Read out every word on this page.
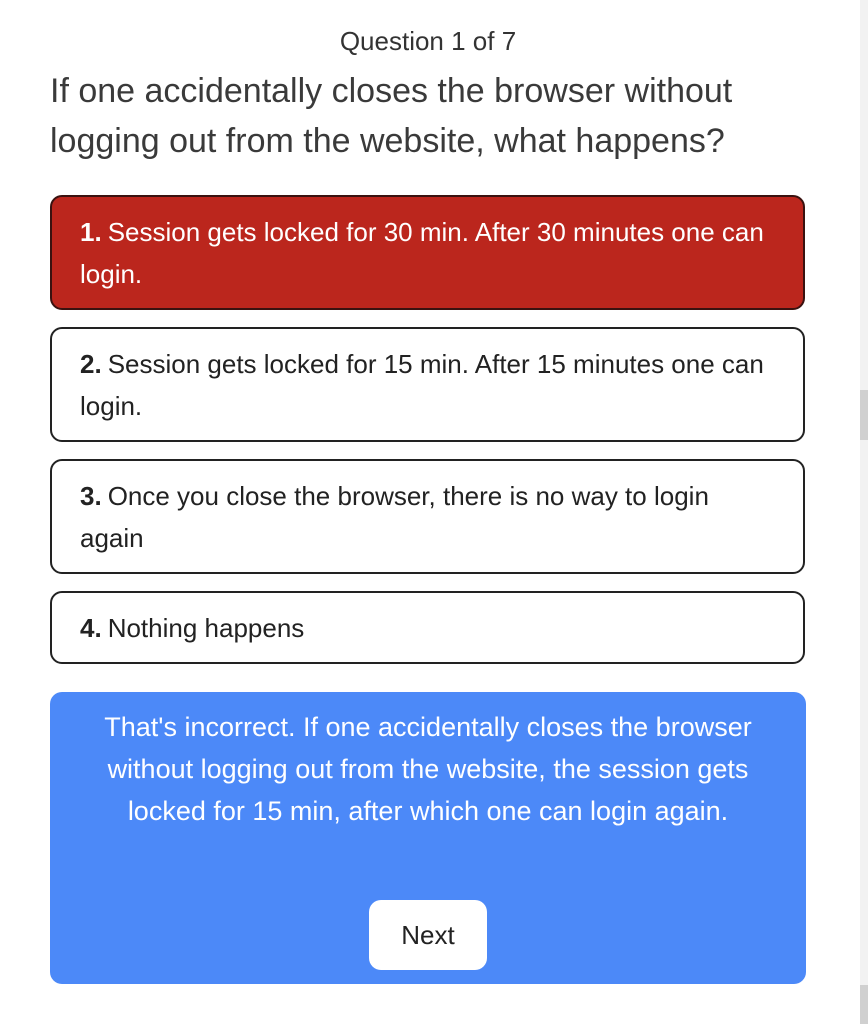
Question 1 of 7
If one accidentally closes the browser without logging out from the website, what happens?
1. Session gets locked for 30 min. After 30 minutes one can login.
2. Session gets locked for 15 min. After 15 minutes one can login.
3. Once you close the browser, there is no way to login again
4. Nothing happens
That's incorrect. If one accidentally closes the browser without logging out from the website, the session gets locked for 15 min, after which one can login again.
Next
